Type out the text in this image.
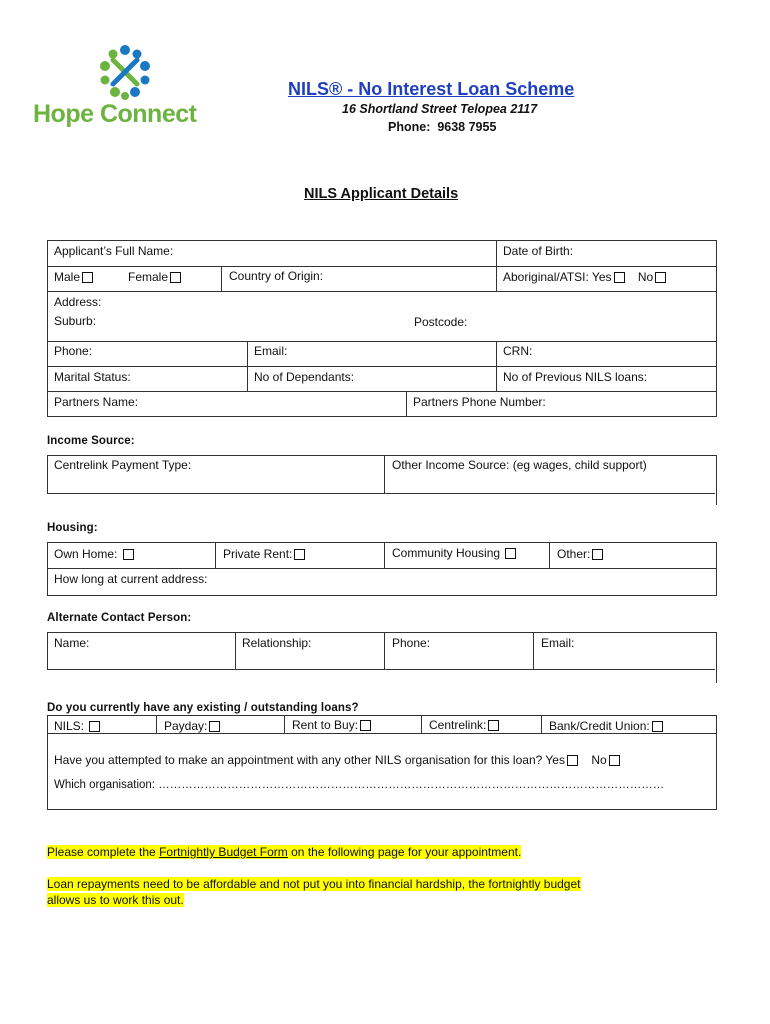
Hope Connect
NILS® - No Interest Loan Scheme
16 Shortland Street Telopea 2117
Phone: 9638 7955
NILS Applicant Details
Applicant’s Full Name:	Date of Birth:
Male	Female	Country of Origin:	Aboriginal/ATSI: Yes No
Address:
Suburb:	Postcode:
Phone:	Email:	CRN:
Marital Status:	No of Dependants:	No of Previous NILS loans:
Partners Name:	Partners Phone Number:
Income Source:
Centrelink Payment Type:	Other Income Source: (eg wages, child support)
Housing:
Own Home:	Private Rent:	Community Housing	Other:
How long at current address:
Alternate Contact Person:
Name:	Relationship:	Phone:	Email:
Do you currently have any existing / outstanding loans?
NILS:	Payday:	Rent to Buy:	Centrelink:	Bank/Credit Union:
Have you attempted to make an appointment with any other NILS organisation for this loan? Yes No
Which organisation: ……………………………………………………………………………………………………………………
Please complete the Fortnightly Budget Form on the following page for your appointment.
Loan repayments need to be affordable and not put you into financial hardship, the fortnightly budget
allows us to work this out.
